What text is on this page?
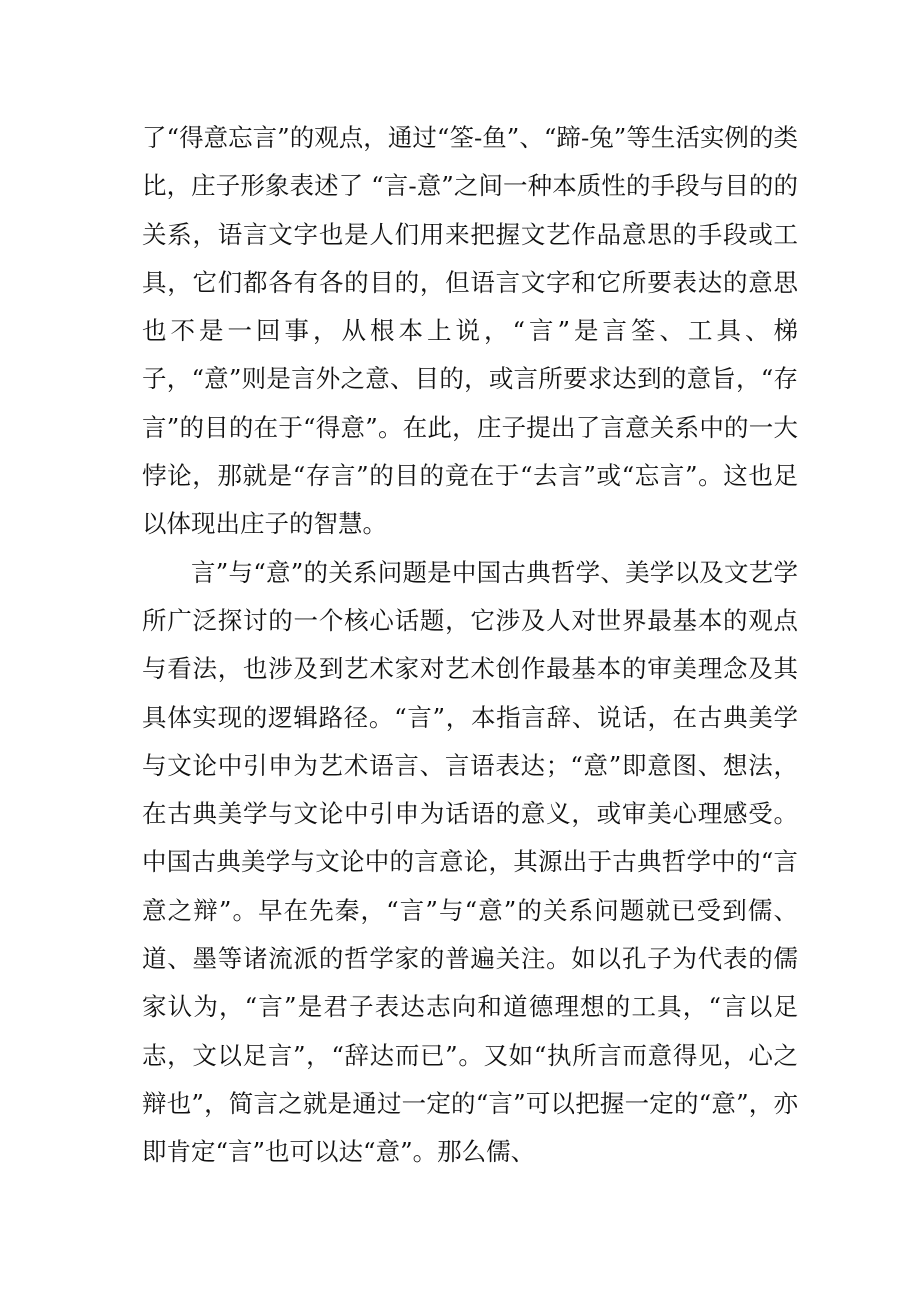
了“得意忘言”的观点，通过“筌-鱼”、“蹄-兔”等生活实例的类比，庄子形象表述了 “言-意”之间一种本质性的手段与目的的关系，语言文字也是人们用来把握文艺作品意思的手段或工具，它们都各有各的目的，但语言文字和它所要表达的意思也不是一回事，从根本上说，“言”是言筌、工具、梯子，“意”则是言外之意、目的，或言所要求达到的意旨，“存言”的目的在于“得意”。在此，庄子提出了言意关系中的一大悖论，那就是“存言”的目的竟在于“去言”或“忘言”。这也足以体现出庄子的智慧。

言”与“意”的关系问题是中国古典哲学、美学以及文艺学所广泛探讨的一个核心话题，它涉及人对世界最基本的观点与看法，也涉及到艺术家对艺术创作最基本的审美理念及其具体实现的逻辑路径。“言”，本指言辞、说话，在古典美学与文论中引申为艺术语言、言语表达；“意”即意图、想法，在古典美学与文论中引申为话语的意义，或审美心理感受。中国古典美学与文论中的言意论，其源出于古典哲学中的“言意之辩”。早在先秦，“言”与“意”的关系问题就已受到儒、道、墨等诸流派的哲学家的普遍关注。如以孔子为代表的儒家认为，“言”是君子表达志向和道德理想的工具，“言以足志，文以足言”，“辞达而已”。又如“执所言而意得见，心之辩也”，简言之就是通过一定的“言”可以把握一定的“意”，亦即肯定“言”也可以达“意”。那么儒、
